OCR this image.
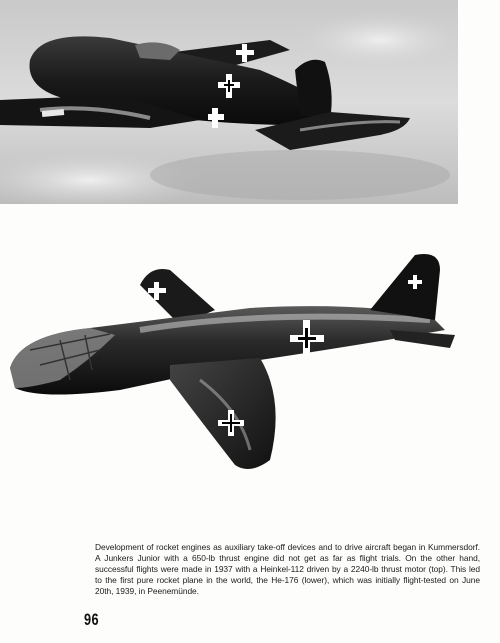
Development of rocket engines as auxiliary take-off devices and to drive aircraft began in Kummersdorf. A Junkers Junior with a 650-lb thrust engine did not get as far as flight trials. On the other hand, successful flights were made in 1937 with a Heinkel-112 driven by a 2240-lb thrust motor (top). This led to the first pure rocket plane in the world, the He-176 (lower), which was initially flight-tested on June 20th, 1939, in Peenemünde.
96
